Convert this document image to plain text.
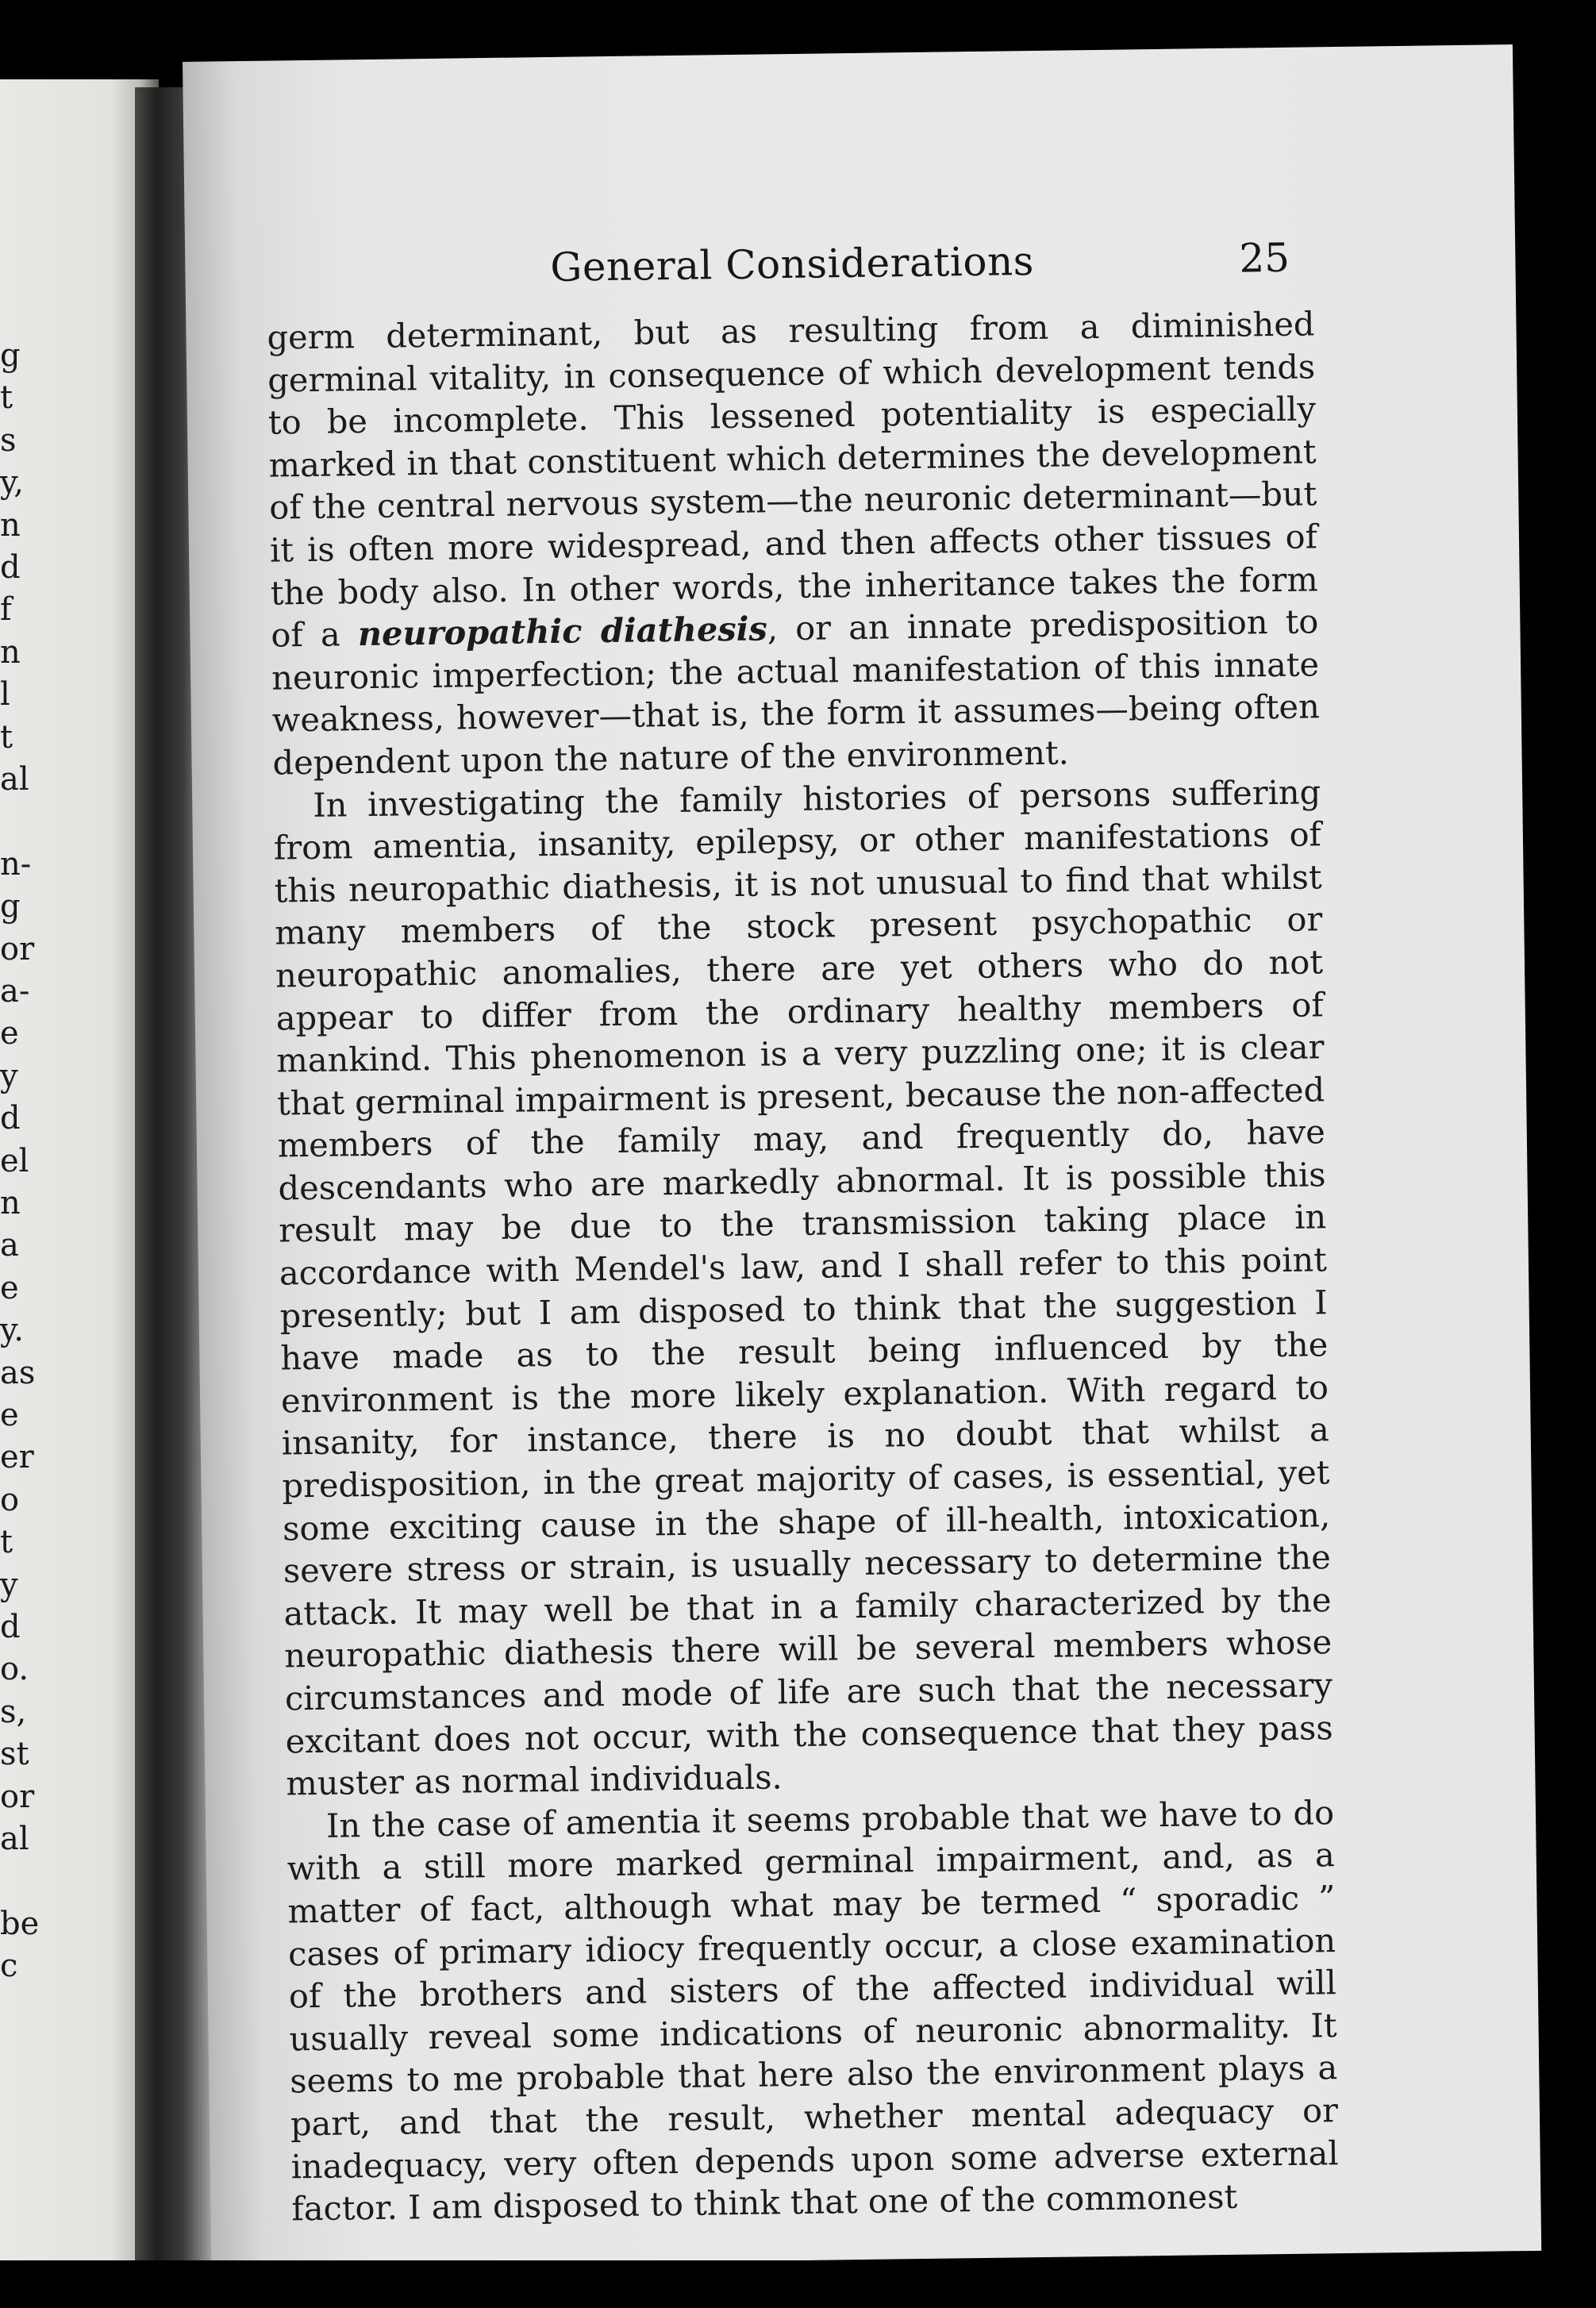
g
t
s
y,
n
d
f
n
l
t
al
n-
g
or
a-
e
y
d
el
n
a
e
y.
as
e
er
o
t
y
d
o.
s,
st
or
al
be
c
General Considerations	25

germ determinant, but as resulting from a diminished germinal vitality, in consequence of which development tends to be incomplete. This lessened potentiality is especially marked in that constituent which determines the development of the central nervous system—the neuronic determinant—but it is often more widespread, and then affects other tissues of the body also. In other words, the inheritance takes the form of a neuropathic diathesis, or an innate predisposition to neuronic imperfection; the actual manifestation of this innate weakness, however—that is, the form it assumes—being often dependent upon the nature of the environment.

In investigating the family histories of persons suffering from amentia, insanity, epilepsy, or other manifestations of this neuropathic diathesis, it is not unusual to find that whilst many members of the stock present psychopathic or neuropathic anomalies, there are yet others who do not appear to differ from the ordinary healthy members of mankind. This phenomenon is a very puzzling one; it is clear that germinal impairment is present, because the non-affected members of the family may, and frequently do, have descendants who are markedly abnormal. It is possible this result may be due to the transmission taking place in accordance with Mendel's law, and I shall refer to this point presently; but I am disposed to think that the suggestion I have made as to the result being influenced by the environment is the more likely explanation. With regard to insanity, for instance, there is no doubt that whilst a predisposition, in the great majority of cases, is essential, yet some exciting cause in the shape of ill-health, intoxication, severe stress or strain, is usually necessary to determine the attack. It may well be that in a family characterized by the neuropathic diathesis there will be several members whose circumstances and mode of life are such that the necessary excitant does not occur, with the consequence that they pass muster as normal individuals.

In the case of amentia it seems probable that we have to do with a still more marked germinal impairment, and, as a matter of fact, although what may be termed “ sporadic ” cases of primary idiocy frequently occur, a close examination of the brothers and sisters of the affected individual will usually reveal some indications of neuronic abnormality. It seems to me probable that here also the environment plays a part, and that the result, whether mental adequacy or inadequacy, very often depends upon some adverse external factor. I am disposed to think that one of the commonest
